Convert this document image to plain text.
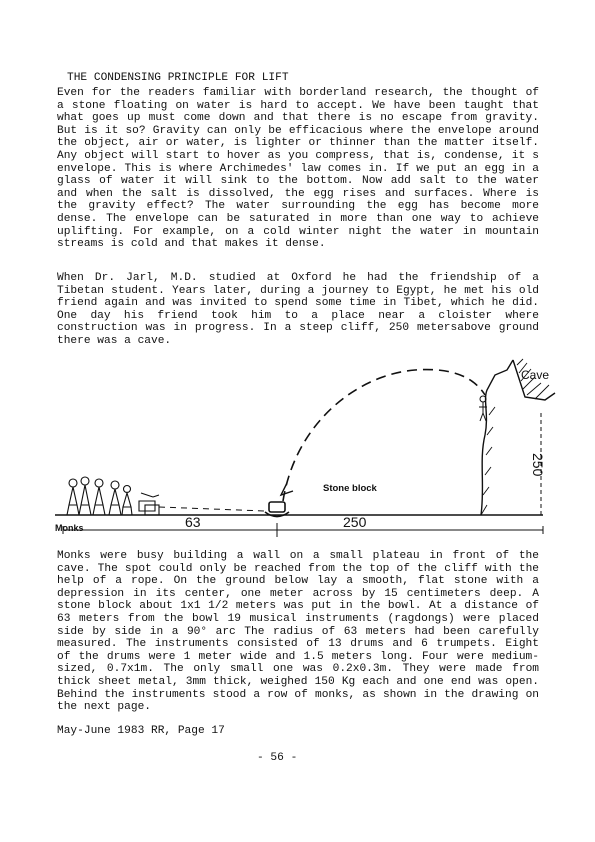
THE CONDENSING PRINCIPLE FOR LIFT

Even for the readers familiar with borderland research, the thought of a stone floating on water is hard to accept. We have been taught that what goes up must come down and that there is no escape from gravity. But is it so? Gravity can only be efficacious where the envelope around the object, air or water, is lighter or thinner than the matter itself. Any object will start to hover as you compress, that is, condense, it s envelope. This is where Archimedes' law comes in. If we put an egg in a glass of water it will sink to the bottom. Now add salt to the water and when the salt is dissolved, the egg rises and surfaces. Where is the gravity effect? The water surrounding the egg has become more dense. The envelope can be saturated in more than one way to achieve uplifting. For example, on a cold winter night the water in mountain streams is cold and that makes it dense.

When Dr. Jarl, M.D. studied at Oxford he had the friendship of a Tibetan student. Years later, during a journey to Egypt, he met his old friend again and was invited to spend some time in Tibet, which he did. One day his friend took him to a place near a cloister where construction was in progress. In a steep cliff, 250 metersabove ground there was a cave.

Cave
250
Stone block
63	250
Monks

Monks were busy building a wall on a small plateau in front of the cave. The spot could only be reached from the top of the cliff with the help of a rope. On the ground below lay a smooth, flat stone with a depression in its center, one meter across by 15 centimeters deep. A stone block about 1x1 1/2 meters was put in the bowl. At a distance of 63 meters from the bowl 19 musical instruments (ragdongs) were placed side by side in a 90° arc The radius of 63 meters had been carefully measured. The instruments consisted of 13 drums and 6 trumpets. Eight of the drums were 1 meter wide and 1.5 meters long. Four were medium-sized, 0.7x1m. The only small one was 0.2x0.3m. They were made from thick sheet metal, 3mm thick, weighed 150 Kg each and one end was open. Behind the instruments stood a row of monks, as shown in the drawing on the next page.

May-June 1983 RR, Page 17
- 56 -
